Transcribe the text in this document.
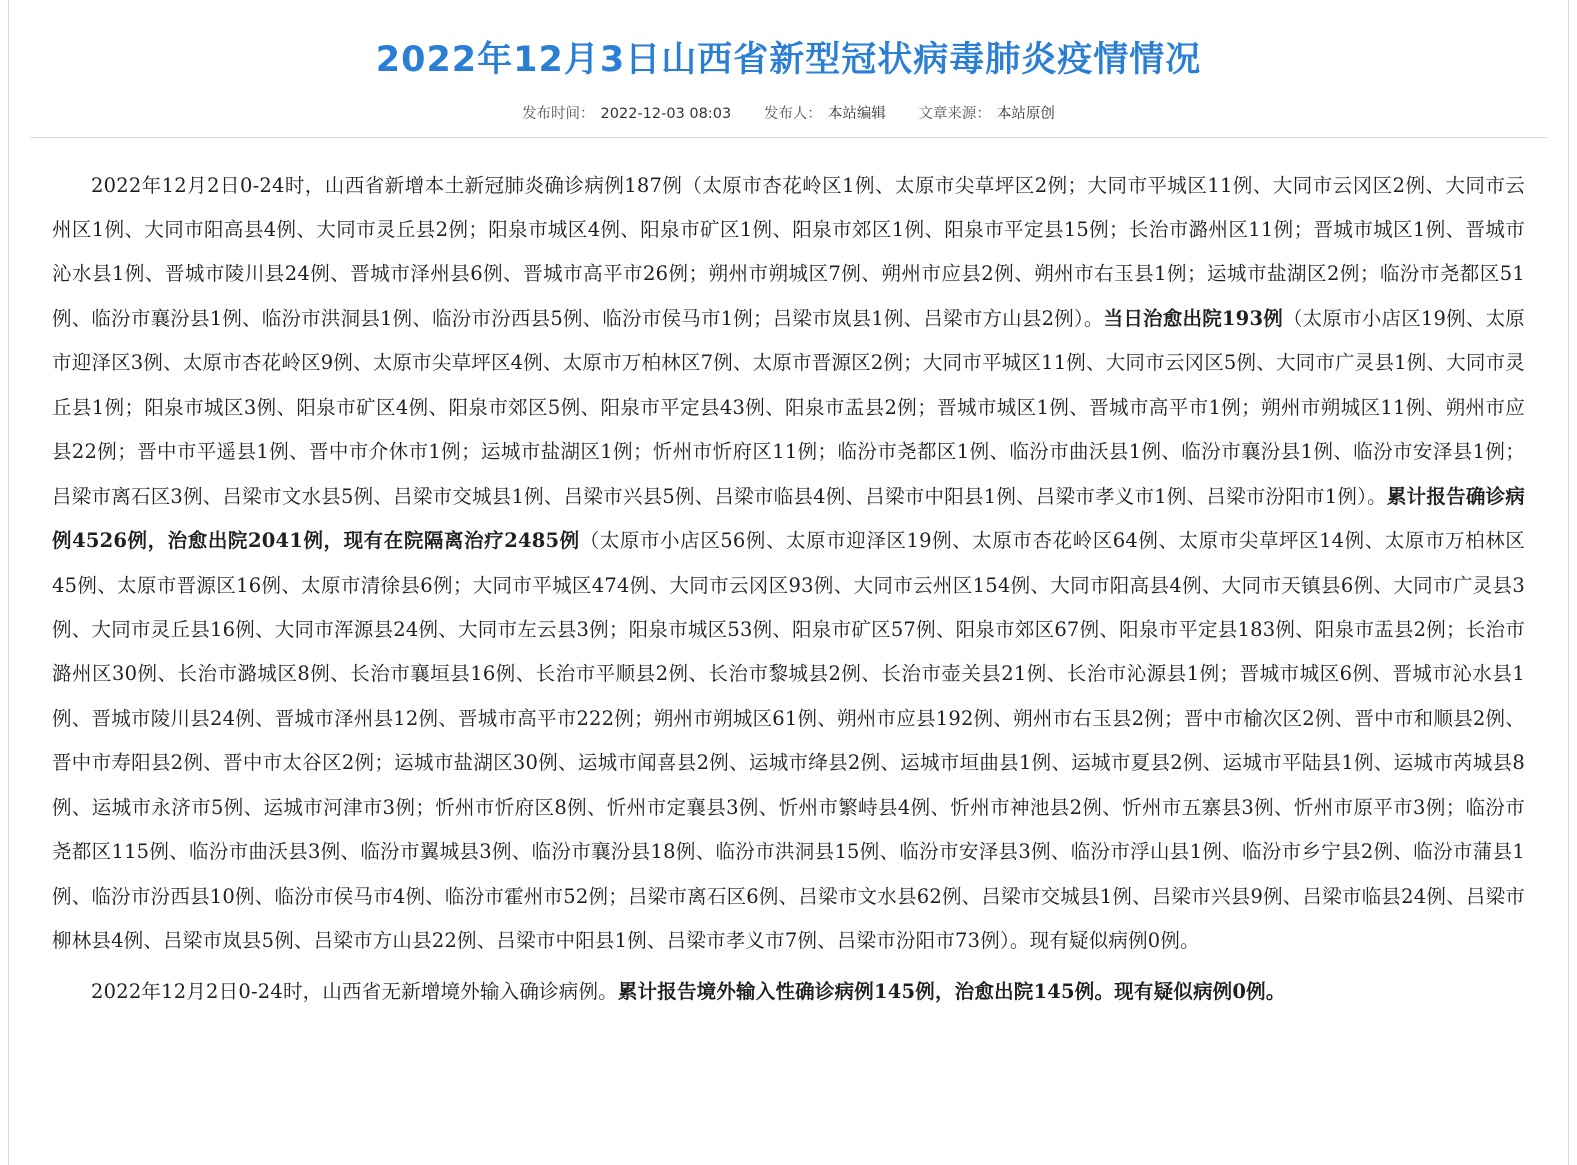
2022年12月3日山西省新型冠状病毒肺炎疫情情况
发布时间： 2022-12-03 08:03 发布人： 本站编辑 文章来源： 本站原创

2022年12月2日0-24时，山西省新增本土新冠肺炎确诊病例187例（太原市杏花岭区1例、太原市尖草坪区2例；大同市平城区11例、大同市云冈区2例、大同市云州区1例、大同市阳高县4例、大同市灵丘县2例；阳泉市城区4例、阳泉市矿区1例、阳泉市郊区1例、阳泉市平定县15例；长治市潞州区11例；晋城市城区1例、晋城市沁水县1例、晋城市陵川县24例、晋城市泽州县6例、晋城市高平市26例；朔州市朔城区7例、朔州市应县2例、朔州市右玉县1例；运城市盐湖区2例；临汾市尧都区51例、临汾市襄汾县1例、临汾市洪洞县1例、临汾市汾西县5例、临汾市侯马市1例；吕梁市岚县1例、吕梁市方山县2例）。当日治愈出院193例（太原市小店区19例、太原市迎泽区3例、太原市杏花岭区9例、太原市尖草坪区4例、太原市万柏林区7例、太原市晋源区2例；大同市平城区11例、大同市云冈区5例、大同市广灵县1例、大同市灵丘县1例；阳泉市城区3例、阳泉市矿区4例、阳泉市郊区5例、阳泉市平定县43例、阳泉市盂县2例；晋城市城区1例、晋城市高平市1例；朔州市朔城区11例、朔州市应县22例；晋中市平遥县1例、晋中市介休市1例；运城市盐湖区1例；忻州市忻府区11例；临汾市尧都区1例、临汾市曲沃县1例、临汾市襄汾县1例、临汾市安泽县1例；吕梁市离石区3例、吕梁市文水县5例、吕梁市交城县1例、吕梁市兴县5例、吕梁市临县4例、吕梁市中阳县1例、吕梁市孝义市1例、吕梁市汾阳市1例）。累计报告确诊病例4526例，治愈出院2041例，现有在院隔离治疗2485例（太原市小店区56例、太原市迎泽区19例、太原市杏花岭区64例、太原市尖草坪区14例、太原市万柏林区45例、太原市晋源区16例、太原市清徐县6例；大同市平城区474例、大同市云冈区93例、大同市云州区154例、大同市阳高县4例、大同市天镇县6例、大同市广灵县3例、大同市灵丘县16例、大同市浑源县24例、大同市左云县3例；阳泉市城区53例、阳泉市矿区57例、阳泉市郊区67例、阳泉市平定县183例、阳泉市盂县2例；长治市潞州区30例、长治市潞城区8例、长治市襄垣县16例、长治市平顺县2例、长治市黎城县2例、长治市壶关县21例、长治市沁源县1例；晋城市城区6例、晋城市沁水县1例、晋城市陵川县24例、晋城市泽州县12例、晋城市高平市222例；朔州市朔城区61例、朔州市应县192例、朔州市右玉县2例；晋中市榆次区2例、晋中市和顺县2例、晋中市寿阳县2例、晋中市太谷区2例；运城市盐湖区30例、运城市闻喜县2例、运城市绛县2例、运城市垣曲县1例、运城市夏县2例、运城市平陆县1例、运城市芮城县8例、运城市永济市5例、运城市河津市3例；忻州市忻府区8例、忻州市定襄县3例、忻州市繁峙县4例、忻州市神池县2例、忻州市五寨县3例、忻州市原平市3例；临汾市尧都区115例、临汾市曲沃县3例、临汾市翼城县3例、临汾市襄汾县18例、临汾市洪洞县15例、临汾市安泽县3例、临汾市浮山县1例、临汾市乡宁县2例、临汾市蒲县1例、临汾市汾西县10例、临汾市侯马市4例、临汾市霍州市52例；吕梁市离石区6例、吕梁市文水县62例、吕梁市交城县1例、吕梁市兴县9例、吕梁市临县24例、吕梁市柳林县4例、吕梁市岚县5例、吕梁市方山县22例、吕梁市中阳县1例、吕梁市孝义市7例、吕梁市汾阳市73例）。现有疑似病例0例。

2022年12月2日0-24时，山西省无新增境外输入确诊病例。累计报告境外输入性确诊病例145例，治愈出院145例。现有疑似病例0例。
